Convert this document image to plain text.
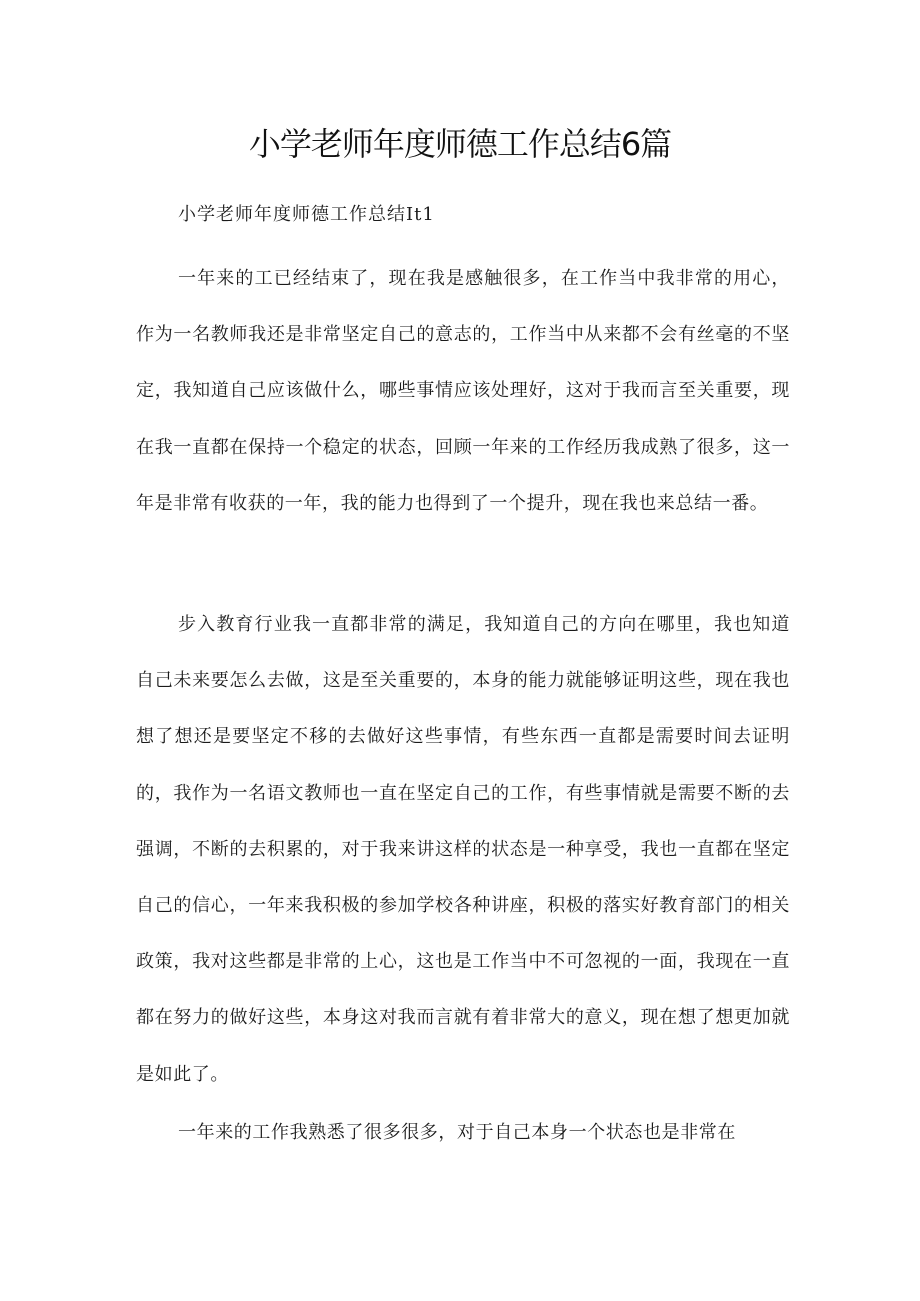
小学老师年度师德工作总结6篇

小学老师年度师德工作总结It1

一年来的工已经结束了，现在我是感触很多，在工作当中我非常的用心，作为一名教师我还是非常坚定自己的意志的，工作当中从来都不会有丝毫的不坚定，我知道自己应该做什么，哪些事情应该处理好，这对于我而言至关重要，现在我一直都在保持一个稳定的状态，回顾一年来的工作经历我成熟了很多，这一年是非常有收获的一年，我的能力也得到了一个提升，现在我也来总结一番。

步入教育行业我一直都非常的满足，我知道自己的方向在哪里，我也知道自己未来要怎么去做，这是至关重要的，本身的能力就能够证明这些，现在我也想了想还是要坚定不移的去做好这些事情，有些东西一直都是需要时间去证明的，我作为一名语文教师也一直在坚定自己的工作，有些事情就是需要不断的去强调，不断的去积累的，对于我来讲这样的状态是一种享受，我也一直都在坚定自己的信心，一年来我积极的参加学校各种讲座，积极的落实好教育部门的相关政策，我对这些都是非常的上心，这也是工作当中不可忽视的一面，我现在一直都在努力的做好这些，本身这对我而言就有着非常大的意义，现在想了想更加就是如此了。

一年来的工作我熟悉了很多很多，对于自己本身一个状态也是非常在
